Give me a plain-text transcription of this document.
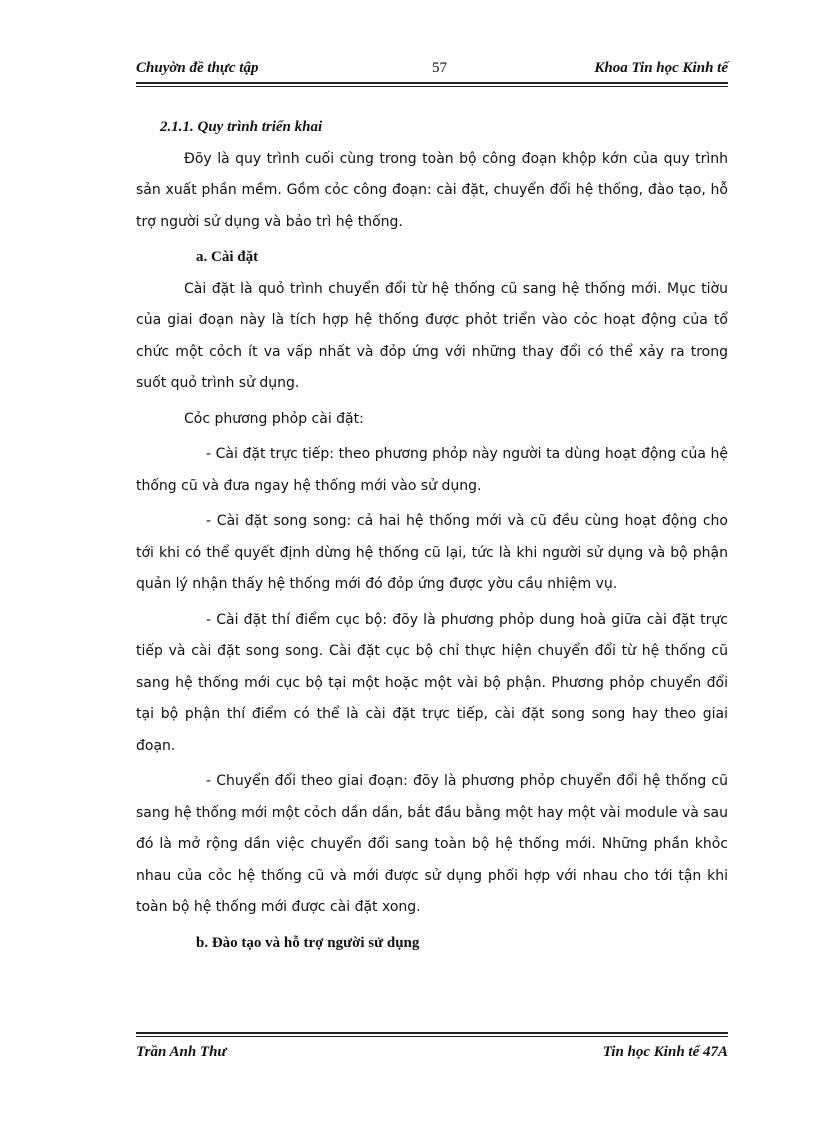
Chuyờn đề thực tập	57	Khoa Tin học Kinh tế

2.1.1. Quy trình triển khai

Đõy là quy trình cuối cùng trong toàn bộ công đoạn khộp kớn của quy trình sản xuất phần mềm. Gồm cỏc công đoạn: cài đặt, chuyển đổi hệ thống, đào tạo, hỗ trợ người sử dụng và bảo trì hệ thống.

a. Cài đặt

Cài đặt là quỏ trình chuyển đổi từ hệ thống cũ sang hệ thống mới. Mục tiờu của giai đoạn này là tích hợp hệ thống được phỏt triển vào cỏc hoạt động của tổ chức một cỏch ít va vấp nhất và đỏp ứng với những thay đổi có thể xảy ra trong suốt quỏ trình sử dụng.

Cỏc phương phỏp cài đặt:

- Cài đặt trực tiếp: theo phương phỏp này người ta dùng hoạt động của hệ thống cũ và đưa ngay hệ thống mới vào sử dụng.

- Cài đặt song song: cả hai hệ thống mới và cũ đều cùng hoạt động cho tới khi có thể quyết định dừng hệ thống cũ lại, tức là khi người sử dụng và bộ phận quản lý nhận thấy hệ thống mới đó đỏp ứng được yờu cầu nhiệm vụ.

- Cài đặt thí điểm cục bộ: đõy là phương phỏp dung hoà giữa cài đặt trực tiếp và cài đặt song song. Cài đặt cục bộ chỉ thực hiện chuyển đổi từ hệ thống cũ sang hệ thống mới cục bộ tại một hoặc một vài bộ phận. Phương phỏp chuyển đổi tại bộ phận thí điểm có thể là cài đặt trực tiếp, cài đặt song song hay theo giai đoạn.

- Chuyển đổi theo giai đoạn: đõy là phương phỏp chuyển đổi hệ thống cũ sang hệ thống mới một cỏch dần dần, bắt đầu bằng một hay một vài module và sau đó là mở rộng dần việc chuyển đổi sang toàn bộ hệ thống mới. Những phần khỏc nhau của cỏc hệ thống cũ và mới được sử dụng phối hợp với nhau cho tới tận khi toàn bộ hệ thống mới được cài đặt xong.

b. Đào tạo và hỗ trợ người sử dụng

Trần Anh Thư	Tin học Kinh tế 47A
